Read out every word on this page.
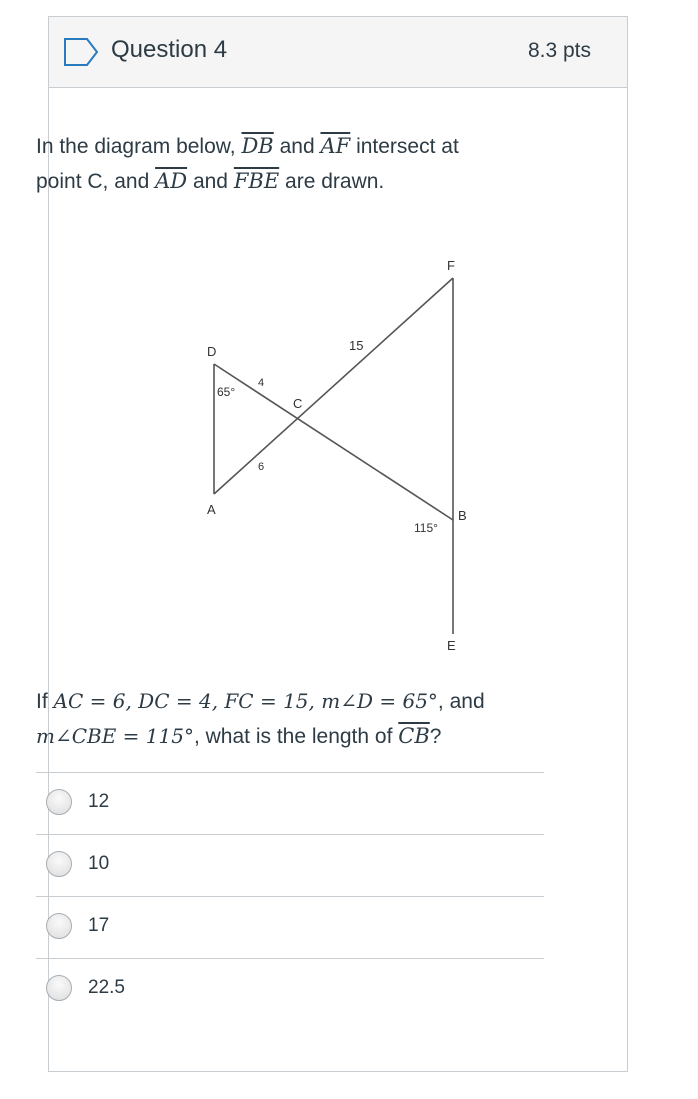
Question 4	8.3 pts
In the diagram below, $\overline{DB}$ and $\overline{AF}$ intersect at
point C, and $\overline{AD}$ and $\overline{FBE}$ are drawn.
D
A
C
F
B
E
4
6
15
65°
115°
If AC = 6, DC = 4, FC = 15, m∠D = 65°, and
m∠CBE = 115°, what is the length of $\overline{CB}$?
12
10
17
22.5
